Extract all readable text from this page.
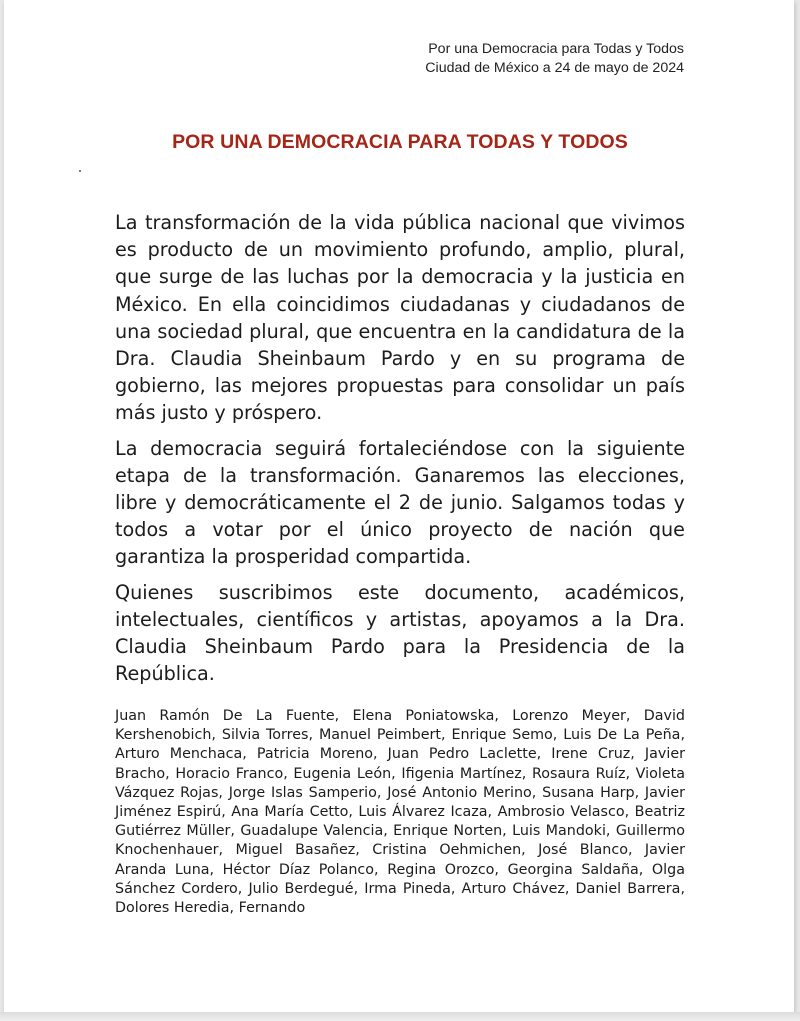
Por una Democracia para Todas y Todos
Ciudad de México a 24 de mayo de 2024
POR UNA DEMOCRACIA PARA TODAS Y TODOS

La transformación de la vida pública nacional que vivimos es producto de un movimiento profundo, amplio, plural, que surge de las luchas por la democracia y la justicia en México. En ella coincidimos ciudadanas y ciudadanos de una sociedad plural, que encuentra en la candidatura de la Dra. Claudia Sheinbaum Pardo y en su programa de gobierno, las mejores propuestas para consolidar un país más justo y próspero.

La democracia seguirá fortaleciéndose con la siguiente etapa de la transformación. Ganaremos las elecciones, libre y democráticamente el 2 de junio. Salgamos todas y todos a votar por el único proyecto de nación que garantiza la prosperidad compartida.

Quienes suscribimos este documento, académicos, intelectuales, científicos y artistas, apoyamos a la Dra. Claudia Sheinbaum Pardo para la Presidencia de la República.

Juan Ramón De La Fuente, Elena Poniatowska, Lorenzo Meyer, David Kershenobich, Silvia Torres, Manuel Peimbert, Enrique Semo, Luis De La Peña, Arturo Menchaca, Patricia Moreno, Juan Pedro Laclette, Irene Cruz, Javier Bracho, Horacio Franco, Eugenia León, Ifigenia Martínez, Rosaura Ruíz, Violeta Vázquez Rojas, Jorge Islas Samperio, José Antonio Merino, Susana Harp, Javier Jiménez Espirú, Ana María Cetto, Luis Álvarez Icaza, Ambrosio Velasco, Beatriz Gutiérrez Müller, Guadalupe Valencia, Enrique Norten, Luis Mandoki, Guillermo Knochenhauer, Miguel Basañez, Cristina Oehmichen, José Blanco, Javier Aranda Luna, Héctor Díaz Polanco, Regina Orozco, Georgina Saldaña, Olga Sánchez Cordero, Julio Berdegué, Irma Pineda, Arturo Chávez, Daniel Barrera, Dolores Heredia, Fernando
